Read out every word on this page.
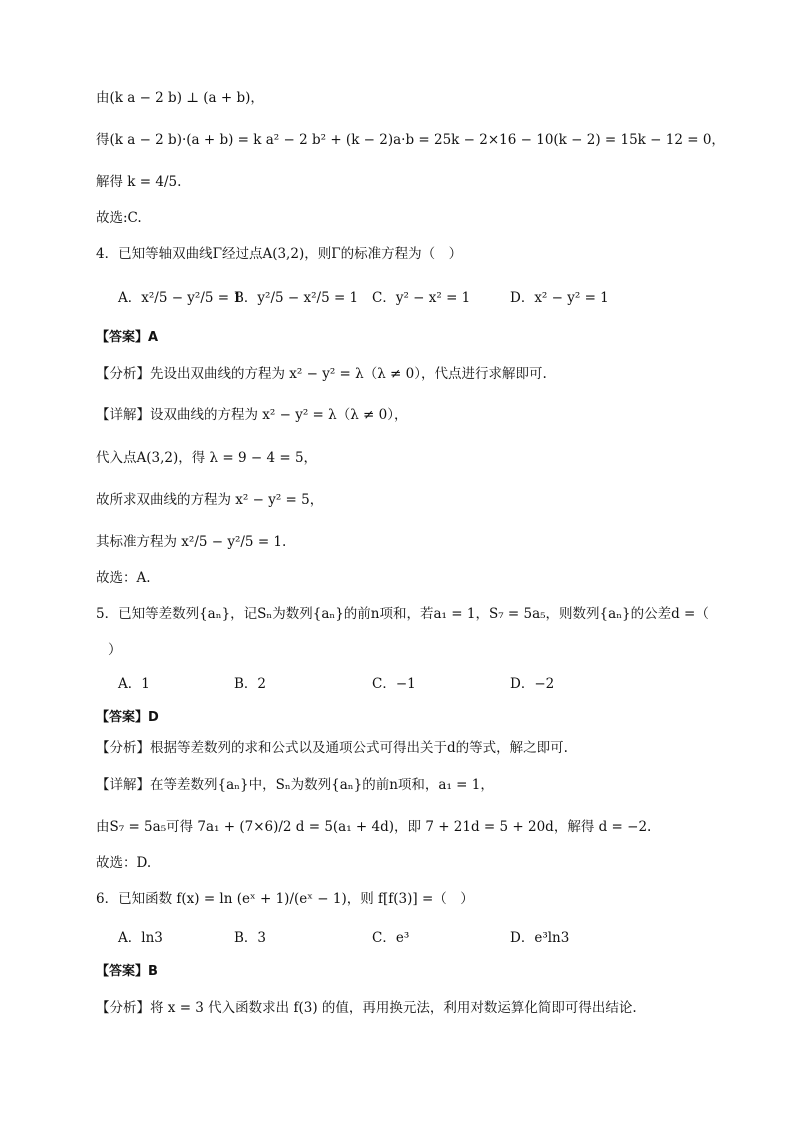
由(k a − 2 b) ⊥ (a + b)，
得(k a − 2 b)·(a + b) = k a² − 2 b² + (k − 2)a·b = 25k − 2×16 − 10(k − 2) = 15k − 12 = 0，
解得 k = 4/5.
故选:C.
4．已知等轴双曲线Γ经过点A(3,2)，则Γ的标准方程为（　）
A．x²/5 − y²/5 = 1
B．y²/5 − x²/5 = 1 C．y² − x² = 1	D．x² − y² = 1
【答案】A
【分析】先设出双曲线的方程为 x² − y² = λ（λ ≠ 0），代点进行求解即可.
【详解】设双曲线的方程为 x² − y² = λ（λ ≠ 0），
代入点A(3,2)，得 λ = 9 − 4 = 5，
故所求双曲线的方程为 x² − y² = 5，
其标准方程为 x²/5 − y²/5 = 1.
故选：A.
5．已知等差数列{aₙ}，记Sₙ为数列{aₙ}的前n项和，若a₁ = 1，S₇ = 5a₅，则数列{aₙ}的公差d =（
）
A．1	B．2	C．−1	D．−2
【答案】D
【分析】根据等差数列的求和公式以及通项公式可得出关于d的等式，解之即可.
【详解】在等差数列{aₙ}中，Sₙ为数列{aₙ}的前n项和，a₁ = 1，
由S₇ = 5a₅可得 7a₁ + (7×6)/2 d = 5(a₁ + 4d)，即 7 + 21d = 5 + 20d，解得 d = −2.
故选：D.
6．已知函数 f(x) = ln (eˣ + 1)/(eˣ − 1)，则 f[f(3)] =（　）
A．ln3	B．3	C．e³	D．e³ln3
【答案】B
【分析】将 x = 3 代入函数求出 f(3) 的值，再用换元法，利用对数运算化简即可得出结论.
